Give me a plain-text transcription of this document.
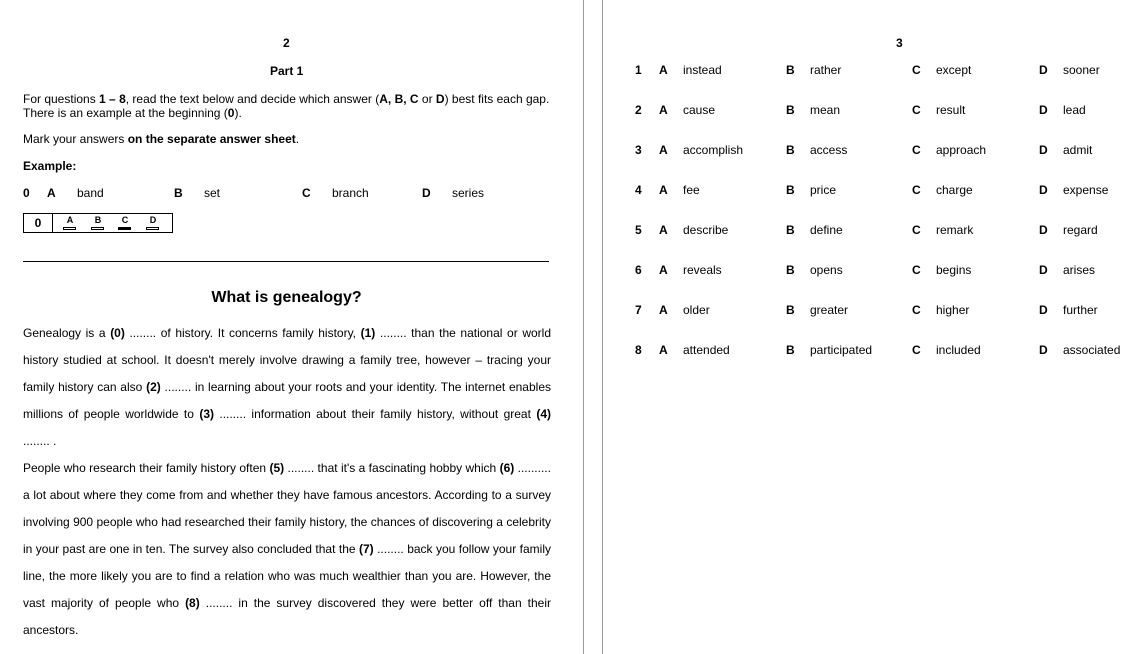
2
Part 1
For questions 1 – 8, read the text below and decide which answer (A, B, C or D) best fits each gap.
There is an example at the beginning (0).
Mark your answers on the separate answer sheet.
Example:
0 A band	B set	C branch	D series
0	A	B	C	D
What is genealogy?
Genealogy is a (0) ........ of history. It concerns family history, (1) ........ than the national or world history studied at school. It doesn't merely involve drawing a family tree, however – tracing your family history can also (2) ........ in learning about your roots and your identity. The internet enables millions of people worldwide to (3) ........ information about their family history, without great (4) ........ .
People who research their family history often (5) ........ that it's a fascinating hobby which (6) .......... a lot about where they come from and whether they have famous ancestors. According to a survey involving 900 people who had researched their family history, the chances of discovering a celebrity in your past are one in ten. The survey also concluded that the (7) ........ back you follow your family line, the more likely you are to find a relation who was much wealthier than you are. However, the vast majority of people who (8) ........ in the survey discovered they were better off than their ancestors.
3
1 A instead	B rather	C except	D sooner
2 A cause	B mean	C result	D lead
3 A accomplish	B access	C approach	D admit
4 A fee	B price	C charge	D expense
5 A describe	B define	C remark	D regard
6 A reveals	B opens	C begins	D arises
7 A older	B greater	C higher	D further
8 A attended	B participated	C included	D associated
